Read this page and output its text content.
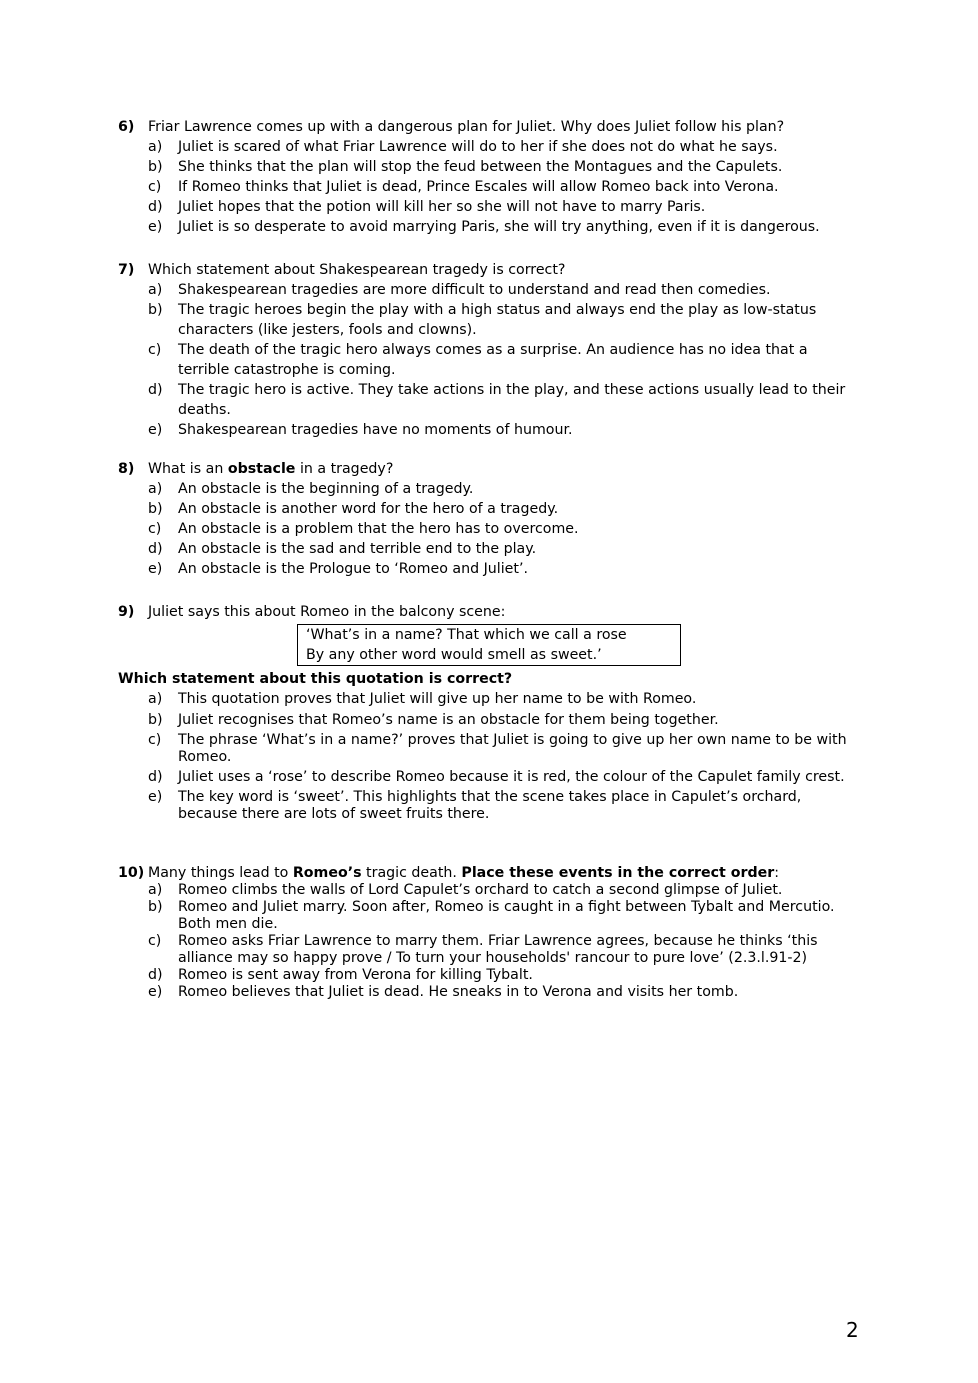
6) Friar Lawrence comes up with a dangerous plan for Juliet. Why does Juliet follow his plan?
a) Juliet is scared of what Friar Lawrence will do to her if she does not do what he says.
b) She thinks that the plan will stop the feud between the Montagues and the Capulets.
c) If Romeo thinks that Juliet is dead, Prince Escales will allow Romeo back into Verona.
d) Juliet hopes that the potion will kill her so she will not have to marry Paris.
e) Juliet is so desperate to avoid marrying Paris, she will try anything, even if it is dangerous.
7) Which statement about Shakespearean tragedy is correct?
a) Shakespearean tragedies are more difficult to understand and read then comedies.
b) The tragic heroes begin the play with a high status and always end the play as low-status characters (like jesters, fools and clowns).
c) The death of the tragic hero always comes as a surprise. An audience has no idea that a terrible catastrophe is coming.
d) The tragic hero is active. They take actions in the play, and these actions usually lead to their deaths.
e) Shakespearean tragedies have no moments of humour.
8) What is an obstacle in a tragedy?
a) An obstacle is the beginning of a tragedy.
b) An obstacle is another word for the hero of a tragedy.
c) An obstacle is a problem that the hero has to overcome.
d) An obstacle is the sad and terrible end to the play.
e) An obstacle is the Prologue to ‘Romeo and Juliet’.
9) Juliet says this about Romeo in the balcony scene:
‘What’s in a name? That which we call a rose
By any other word would smell as sweet.’
Which statement about this quotation is correct?
a) This quotation proves that Juliet will give up her name to be with Romeo.
b) Juliet recognises that Romeo’s name is an obstacle for them being together.
c) The phrase ‘What’s in a name?’ proves that Juliet is going to give up her own name to be with Romeo.
d) Juliet uses a ‘rose’ to describe Romeo because it is red, the colour of the Capulet family crest.
e) The key word is ‘sweet’. This highlights that the scene takes place in Capulet’s orchard, because there are lots of sweet fruits there.
10) Many things lead to Romeo’s tragic death. Place these events in the correct order:
a) Romeo climbs the walls of Lord Capulet’s orchard to catch a second glimpse of Juliet.
b) Romeo and Juliet marry. Soon after, Romeo is caught in a fight between Tybalt and Mercutio. Both men die.
c) Romeo asks Friar Lawrence to marry them. Friar Lawrence agrees, because he thinks ‘this alliance may so happy prove / To turn your households' rancour to pure love’ (2.3.l.91-2)
d) Romeo is sent away from Verona for killing Tybalt.
e) Romeo believes that Juliet is dead. He sneaks in to Verona and visits her tomb.
2
